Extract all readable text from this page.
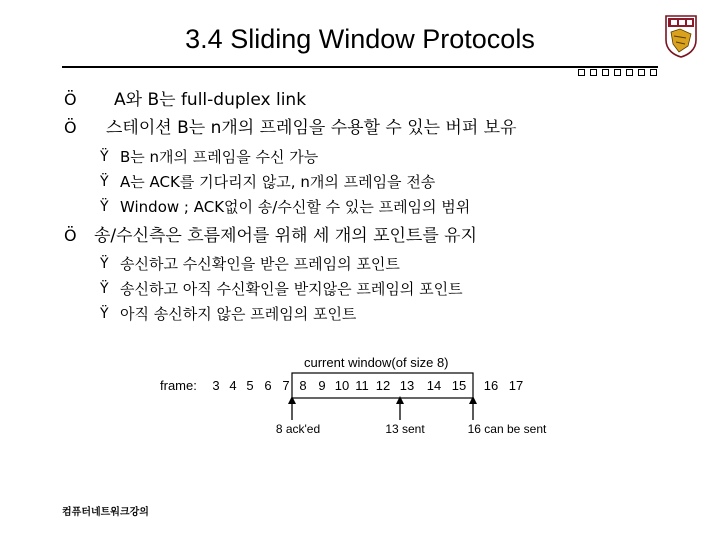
3.4 Sliding Window Protocols
Ö A와 B는 full-duplex link
Ö 스테이션 B는 n개의 프레임을 수용할 수 있는 버퍼 보유
Ÿ B는 n개의 프레임을 수신 가능
Ÿ A는 ACK를 기다리지 않고, n개의 프레임을 전송
Ÿ Window ; ACK없이 송/수신할 수 있는 프레임의 범위
Ö 송/수신측은 흐름제어를 위해 세 개의 포인트를 유지
Ÿ 송신하고 수신확인을 받은 프레임의 포인트
Ÿ 송신하고 아직 수신확인을 받지않은 프레임의 포인트
Ÿ 아직 송신하지 않은 프레임의 포인트
current window(of size 8)
frame: 3 4 5 6 7 8 9 10 11 12 13 14 15 16 17
8 ack'ed	13 sent	16 can be sent
컴퓨터네트워크강의
